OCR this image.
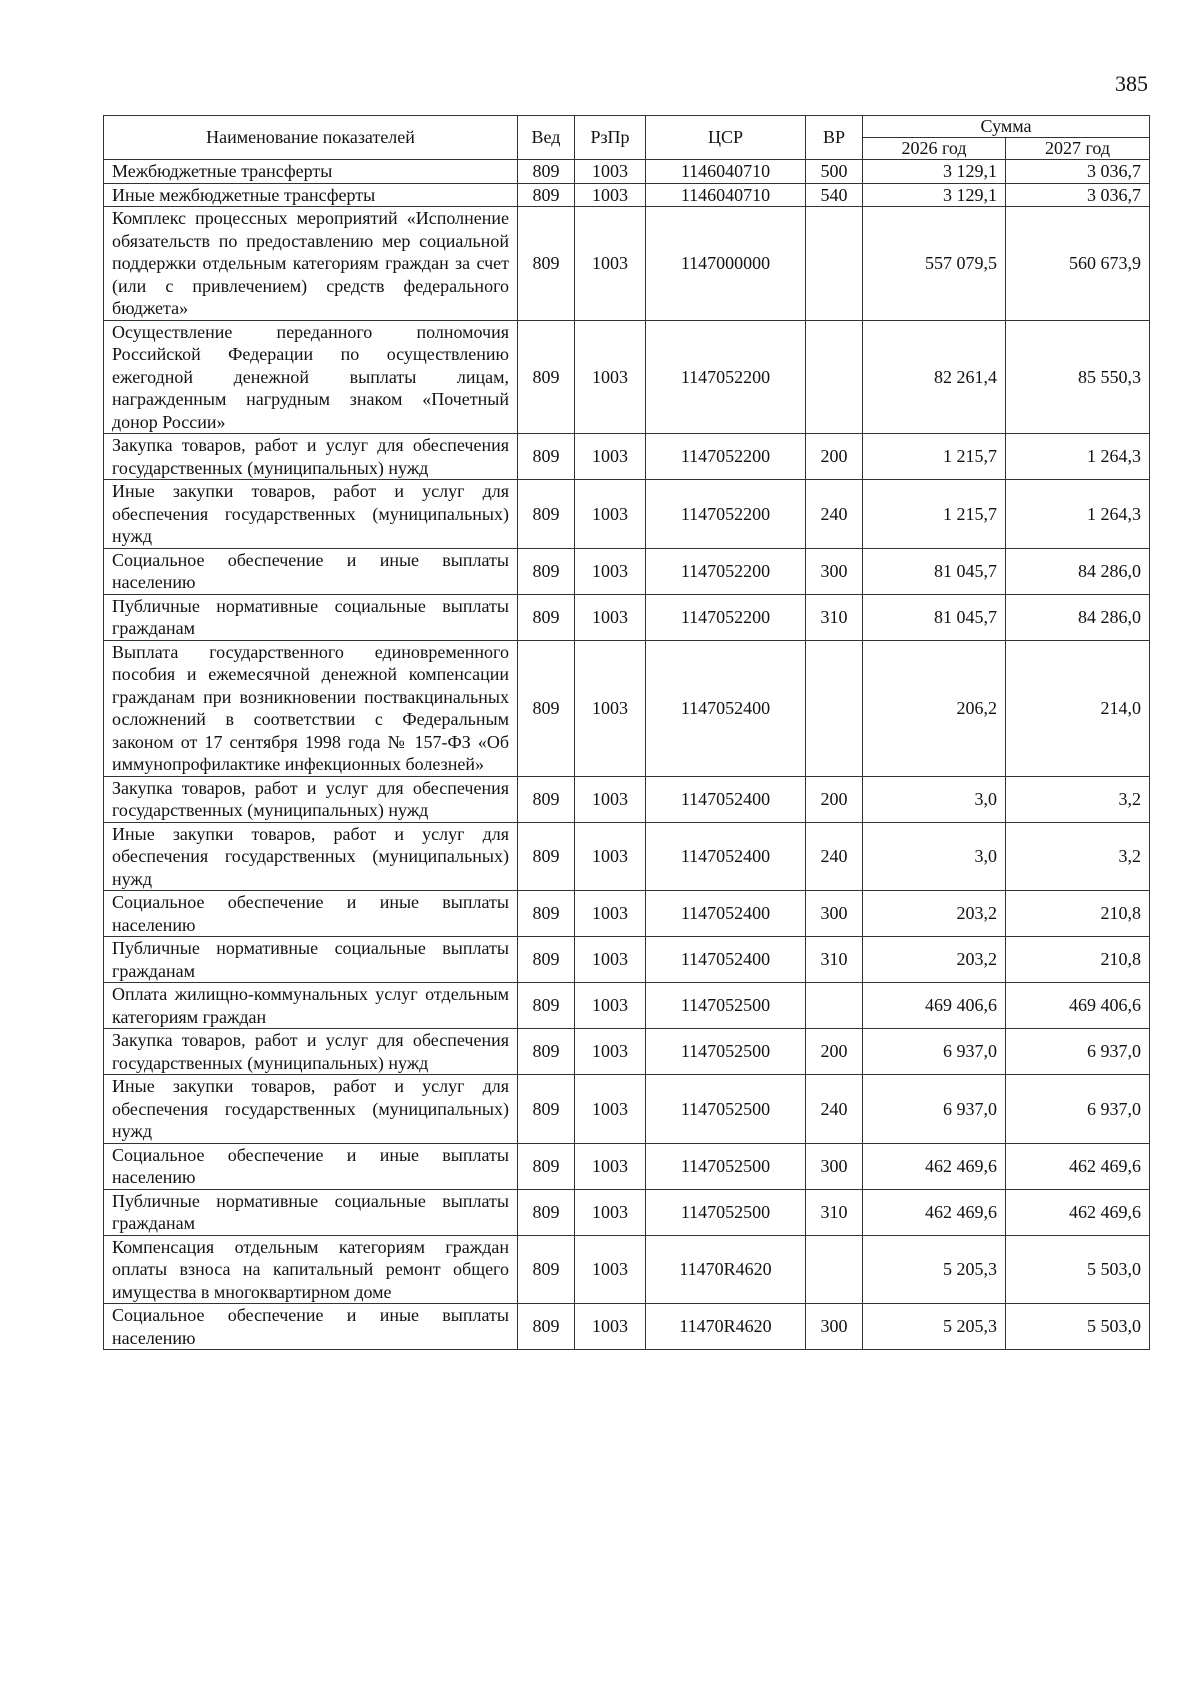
385
Наименование показателей	Вед	РзПр	ЦСР	ВР	Сумма	
					2026 год	2027 год
Межбюджетные трансферты	809	1003	1146040710	500	3 129,1	3 036,7
Иные межбюджетные трансферты	809	1003	1146040710	540	3 129,1	3 036,7
Комплекс процессных мероприятий «Исполнение обязательств по предоставлению мер социальной поддержки отдельным категориям граждан за счет (или с привлечением) средств федерального бюджета»	809	1003	1147000000		557 079,5	560 673,9
Осуществление переданного полномочия Российской Федерации по осуществлению ежегодной денежной выплаты лицам, награжденным нагрудным знаком «Почетный донор России»	809	1003	1147052200		82 261,4	85 550,3
Закупка товаров, работ и услуг для обеспечения государственных (муниципальных) нужд	809	1003	1147052200	200	1 215,7	1 264,3
Иные закупки товаров, работ и услуг для обеспечения государственных (муниципальных) нужд	809	1003	1147052200	240	1 215,7	1 264,3
Социальное обеспечение и иные выплаты населению	809	1003	1147052200	300	81 045,7	84 286,0
Публичные нормативные социальные выплаты гражданам	809	1003	1147052200	310	81 045,7	84 286,0
Выплата государственного единовременного пособия и ежемесячной денежной компенсации гражданам при возникновении поствакцинальных осложнений в соответствии с Федеральным законом от 17 сентября 1998 года № 157-ФЗ «Об иммунопрофилактике инфекционных болезней»	809	1003	1147052400		206,2	214,0
Закупка товаров, работ и услуг для обеспечения государственных (муниципальных) нужд	809	1003	1147052400	200	3,0	3,2
Иные закупки товаров, работ и услуг для обеспечения государственных (муниципальных) нужд	809	1003	1147052400	240	3,0	3,2
Социальное обеспечение и иные выплаты населению	809	1003	1147052400	300	203,2	210,8
Публичные нормативные социальные выплаты гражданам	809	1003	1147052400	310	203,2	210,8
Оплата жилищно-коммунальных услуг отдельным категориям граждан	809	1003	1147052500		469 406,6	469 406,6
Закупка товаров, работ и услуг для обеспечения государственных (муниципальных) нужд	809	1003	1147052500	200	6 937,0	6 937,0
Иные закупки товаров, работ и услуг для обеспечения государственных (муниципальных) нужд	809	1003	1147052500	240	6 937,0	6 937,0
Социальное обеспечение и иные выплаты населению	809	1003	1147052500	300	462 469,6	462 469,6
Публичные нормативные социальные выплаты гражданам	809	1003	1147052500	310	462 469,6	462 469,6
Компенсация отдельным категориям граждан оплаты взноса на капитальный ремонт общего имущества в многоквартирном доме	809	1003	11470R4620		5 205,3	5 503,0
Социальное обеспечение и иные выплаты населению	809	1003	11470R4620	300	5 205,3	5 503,0
